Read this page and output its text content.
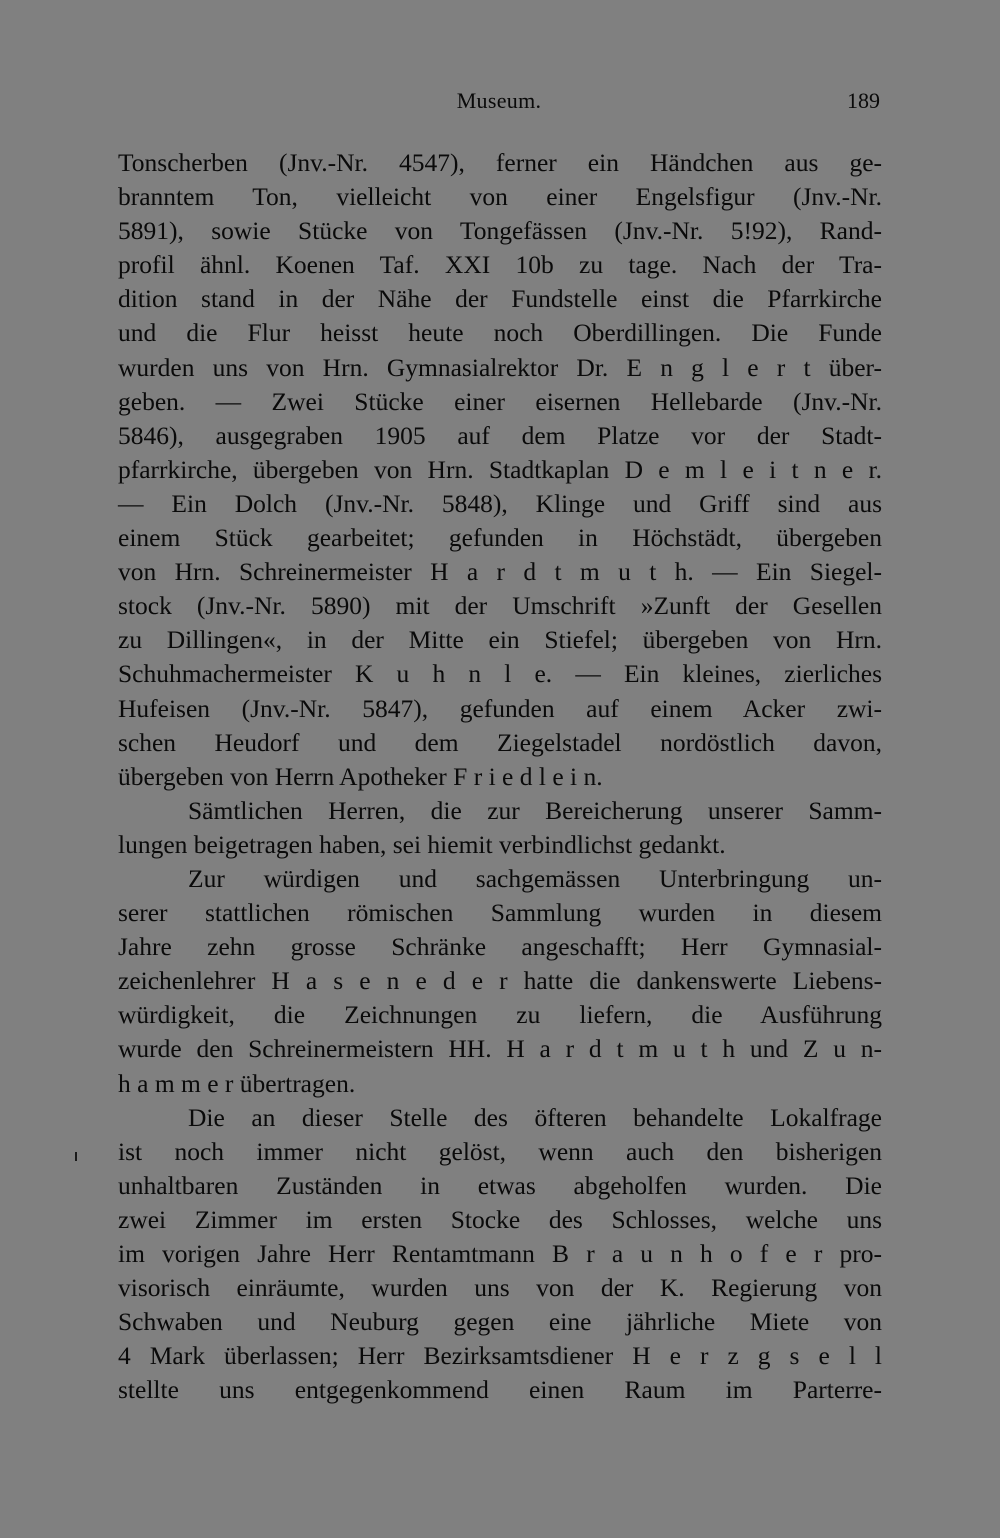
Museum.	189
Tonscherben (Jnv.-Nr. 4547), ferner ein Händchen aus ge-
branntem Ton, vielleicht von einer Engelsfigur (Jnv.-Nr.
5891), sowie Stücke von Tongefässen (Jnv.-Nr. 5!92), Rand-
profil ähnl. Koenen Taf. XXI 10b zu tage. Nach der Tra-
dition stand in der Nähe der Fundstelle einst die Pfarrkirche
und die Flur heisst heute noch Oberdillingen. Die Funde
wurden uns von Hrn. Gymnasialrektor Dr. E n g l e r t über-
geben. — Zwei Stücke einer eisernen Hellebarde (Jnv.-Nr.
5846), ausgegraben 1905 auf dem Platze vor der Stadt-
pfarrkirche, übergeben von Hrn. Stadtkaplan D e m l e i t n e r.
— Ein Dolch (Jnv.-Nr. 5848), Klinge und Griff sind aus
einem Stück gearbeitet; gefunden in Höchstädt, übergeben
von Hrn. Schreinermeister H a r d t m u t h. — Ein Siegel-
stock (Jnv.-Nr. 5890) mit der Umschrift »Zunft der Gesellen
zu Dillingen«, in der Mitte ein Stiefel; übergeben von Hrn.
Schuhmachermeister K u h n l e. — Ein kleines, zierliches
Hufeisen (Jnv.-Nr. 5847), gefunden auf einem Acker zwi-
schen Heudorf und dem Ziegelstadel nordöstlich davon,
übergeben von Herrn Apotheker F r i e d l e i n.
Sämtlichen Herren, die zur Bereicherung unserer Samm-
lungen beigetragen haben, sei hiemit verbindlichst gedankt.
Zur würdigen und sachgemässen Unterbringung un-
serer stattlichen römischen Sammlung wurden in diesem
Jahre zehn grosse Schränke angeschafft; Herr Gymnasial-
zeichenlehrer H a s e n e d e r hatte die dankenswerte Liebens-
würdigkeit, die Zeichnungen zu liefern, die Ausführung
wurde den Schreinermeistern HH. H a r d t m u t h und Z u n-
h a m m e r übertragen.
Die an dieser Stelle des öfteren behandelte Lokalfrage
ist noch immer nicht gelöst, wenn auch den bisherigen
unhaltbaren Zuständen in etwas abgeholfen wurden. Die
zwei Zimmer im ersten Stocke des Schlosses, welche uns
im vorigen Jahre Herr Rentamtmann B r a u n h o f e r pro-
visorisch einräumte, wurden uns von der K. Regierung von
Schwaben und Neuburg gegen eine jährliche Miete von
4 Mark überlassen; Herr Bezirksamtsdiener H e r z g s e l l
stellte uns entgegenkommend einen Raum im Parterre-
